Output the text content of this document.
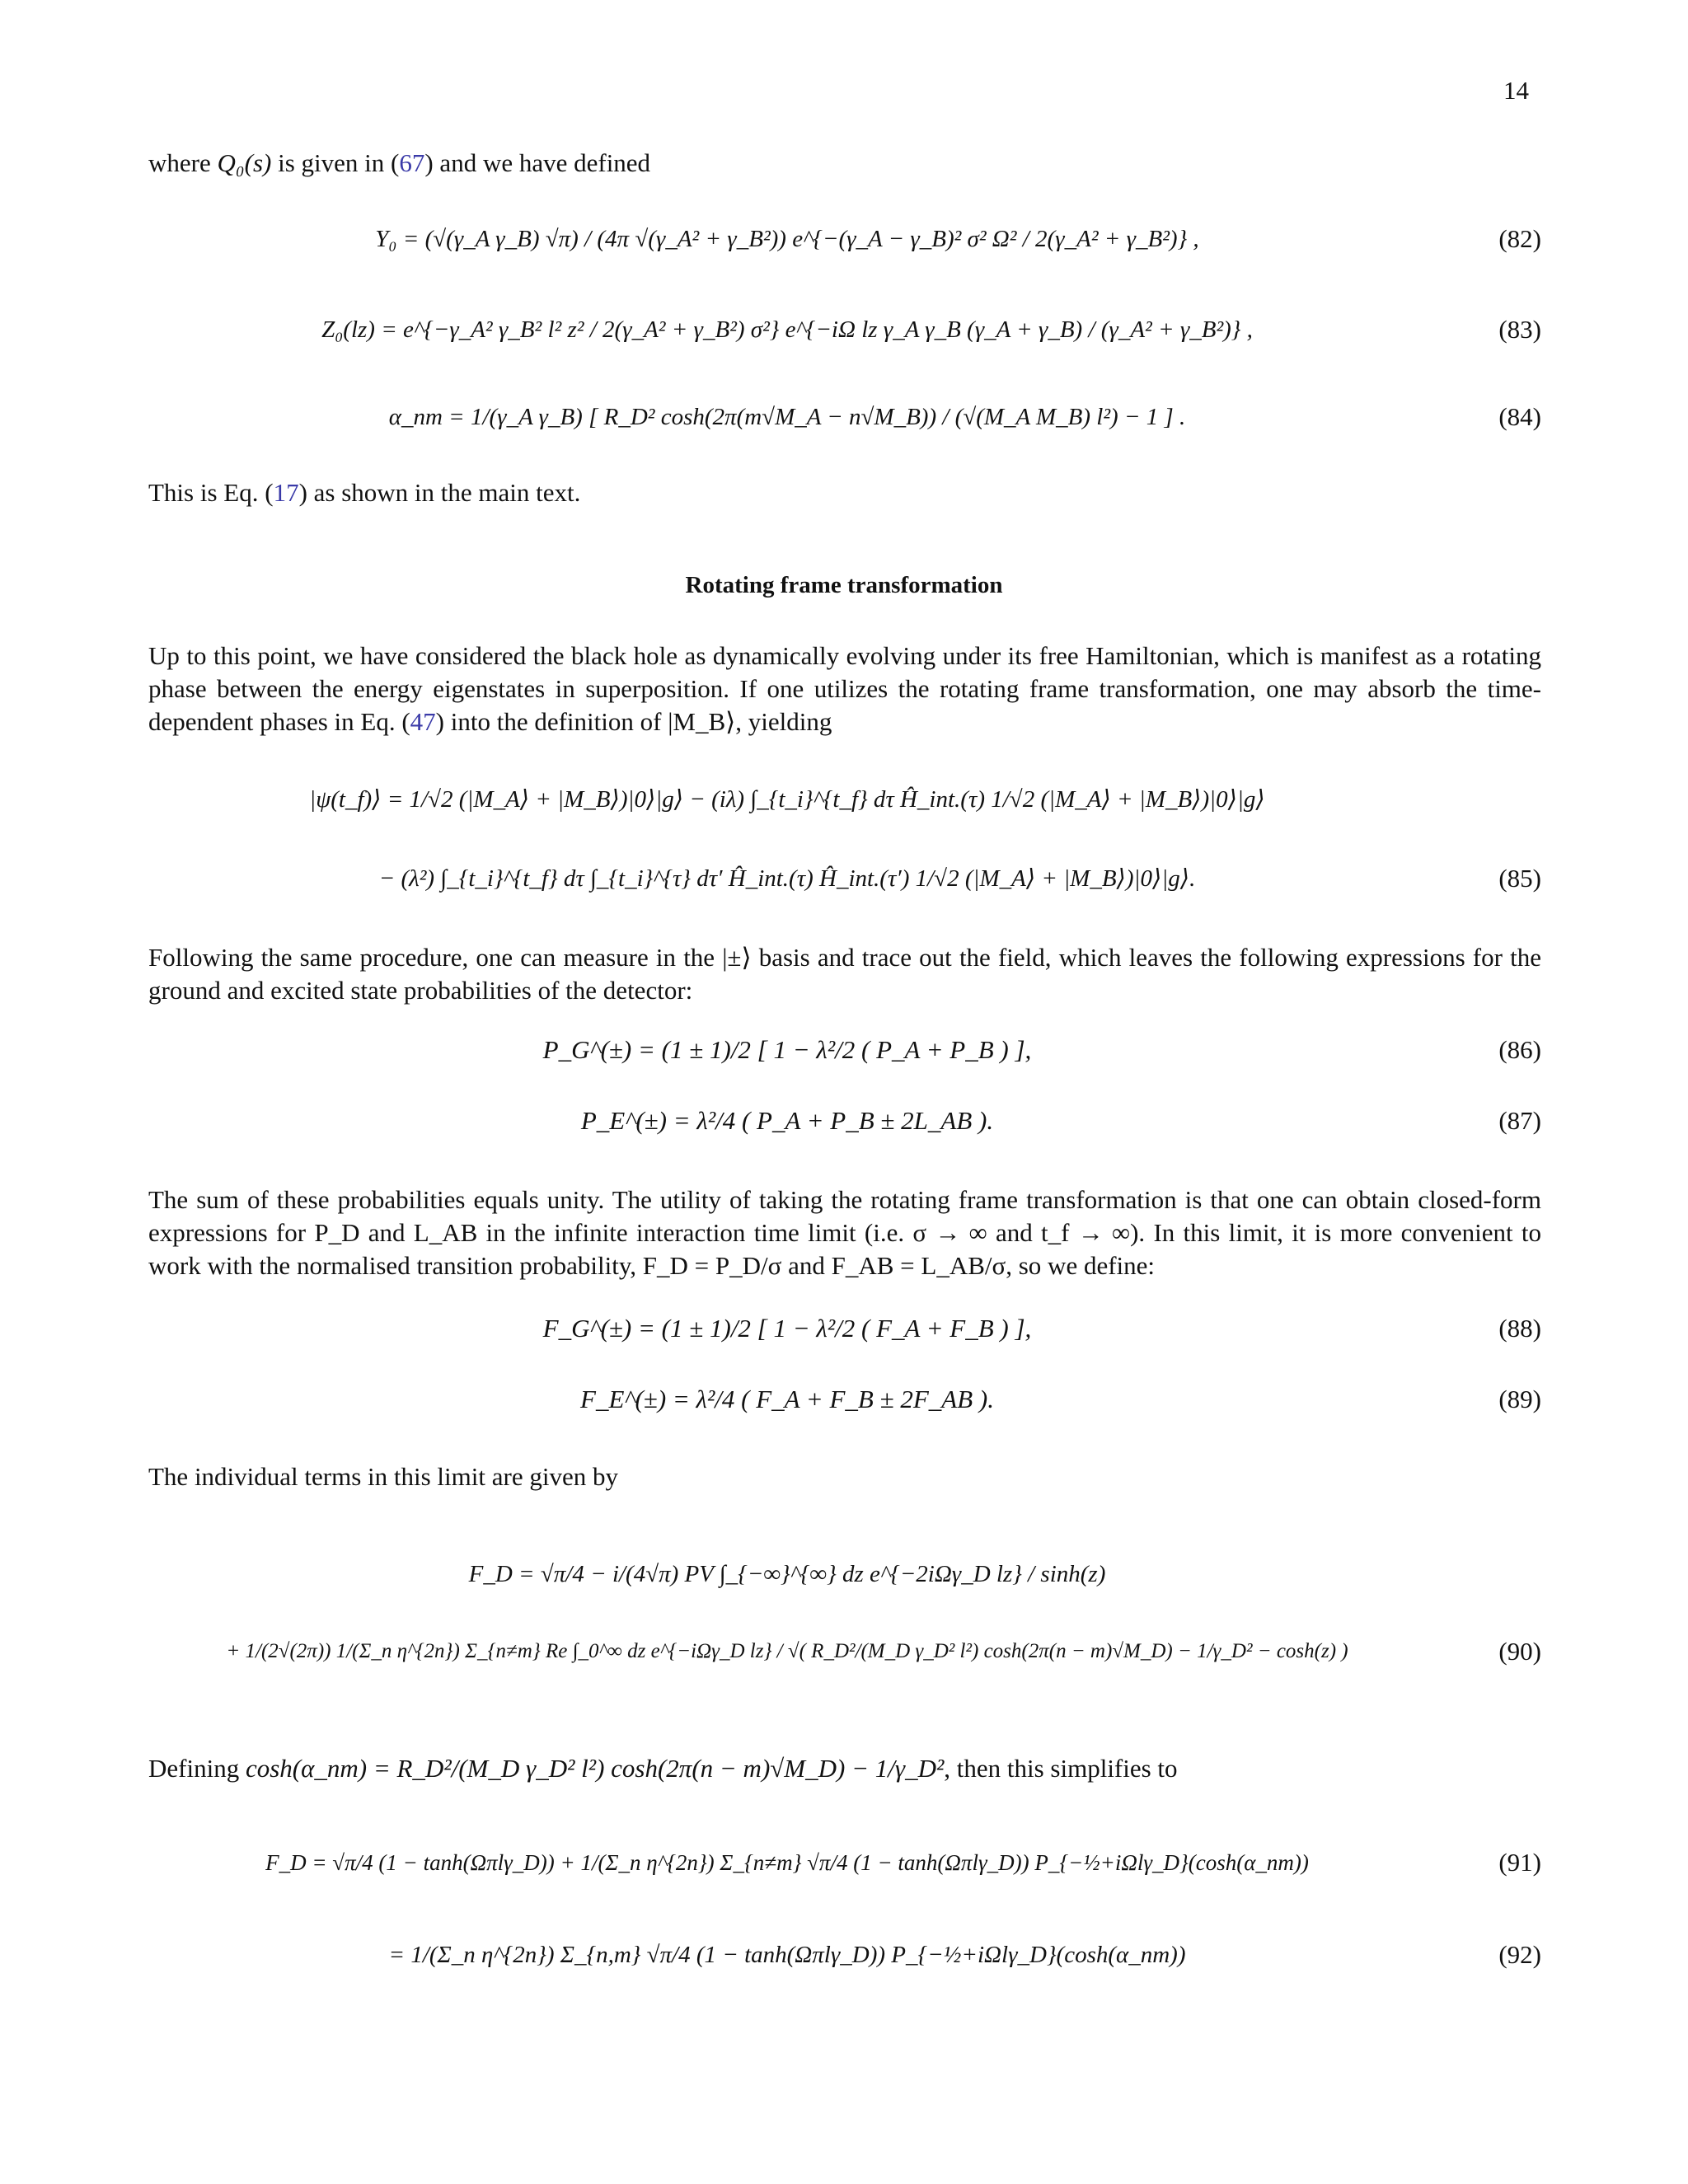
14
where Q₀(s) is given in (67) and we have defined
Y₀ = (√(γ_A γ_B) √π) / (4π √(γ_A² + γ_B²)) e^{−(γ_A − γ_B)² σ² Ω² / 2(γ_A² + γ_B²)} ,	(82)
Z₀(lz) = e^{−γ_A² γ_B² l² z² / 2(γ_A² + γ_B²) σ²} e^{−iΩ lz γ_A γ_B (γ_A + γ_B) / (γ_A² + γ_B²)} ,	(83)
α_nm = 1/(γ_A γ_B) [ R_D² cosh(2π(m√M_A − n√M_B)) / (√(M_A M_B) l²) − 1 ] .	(84)
This is Eq. (17) as shown in the main text.
Rotating frame transformation
Up to this point, we have considered the black hole as dynamically evolving under its free Hamiltonian, which is manifest as a rotating phase between the energy eigenstates in superposition. If one utilizes the rotating frame transformation, one may absorb the time-dependent phases in Eq. (47) into the definition of |M_B⟩, yielding
|ψ(t_f)⟩ = 1/√2 (|M_A⟩ + |M_B⟩)|0⟩|g⟩ − (iλ) ∫_{t_i}^{t_f} dτ Ĥ_int.(τ) 1/√2 (|M_A⟩ + |M_B⟩)|0⟩|g⟩
− (λ²) ∫_{t_i}^{t_f} dτ ∫_{t_i}^{τ} dτ′ Ĥ_int.(τ) Ĥ_int.(τ′) 1/√2 (|M_A⟩ + |M_B⟩)|0⟩|g⟩.	(85)
Following the same procedure, one can measure in the |±⟩ basis and trace out the field, which leaves the following expressions for the ground and excited state probabilities of the detector:
P_G^(±) = (1 ± 1)/2 [ 1 − λ²/2 ( P_A + P_B ) ],	(86)
P_E^(±) = λ²/4 ( P_A + P_B ± 2L_AB ).	(87)
The sum of these probabilities equals unity. The utility of taking the rotating frame transformation is that one can obtain closed-form expressions for P_D and L_AB in the infinite interaction time limit (i.e. σ → ∞ and t_f → ∞). In this limit, it is more convenient to work with the normalised transition probability, F_D = P_D/σ and F_AB = L_AB/σ, so we define:
F_G^(±) = (1 ± 1)/2 [ 1 − λ²/2 ( F_A + F_B ) ],	(88)
F_E^(±) = λ²/4 ( F_A + F_B ± 2F_AB ).	(89)
The individual terms in this limit are given by
F_D = √π/4 − i/(4√π) PV ∫_{−∞}^{∞} dz e^{−2iΩγ_D lz} / sinh(z)
+ 1/(2√(2π)) 1/(Σ_n η^{2n}) Σ_{n≠m} Re ∫_0^∞ dz e^{−iΩγ_D lz} / √( R_D²/(M_D γ_D² l²) cosh(2π(n − m)√M_D) − 1/γ_D² − cosh(z) )	(90)
Defining cosh(α_nm) = R_D²/(M_D γ_D² l²) cosh(2π(n − m)√M_D) − 1/γ_D², then this simplifies to
F_D = √π/4 (1 − tanh(Ωπlγ_D)) + 1/(Σ_n η^{2n}) Σ_{n≠m} √π/4 (1 − tanh(Ωπlγ_D)) P_{−½+iΩlγ_D}(cosh(α_nm))	(91)
= 1/(Σ_n η^{2n}) Σ_{n,m} √π/4 (1 − tanh(Ωπlγ_D)) P_{−½+iΩlγ_D}(cosh(α_nm))	(92)
